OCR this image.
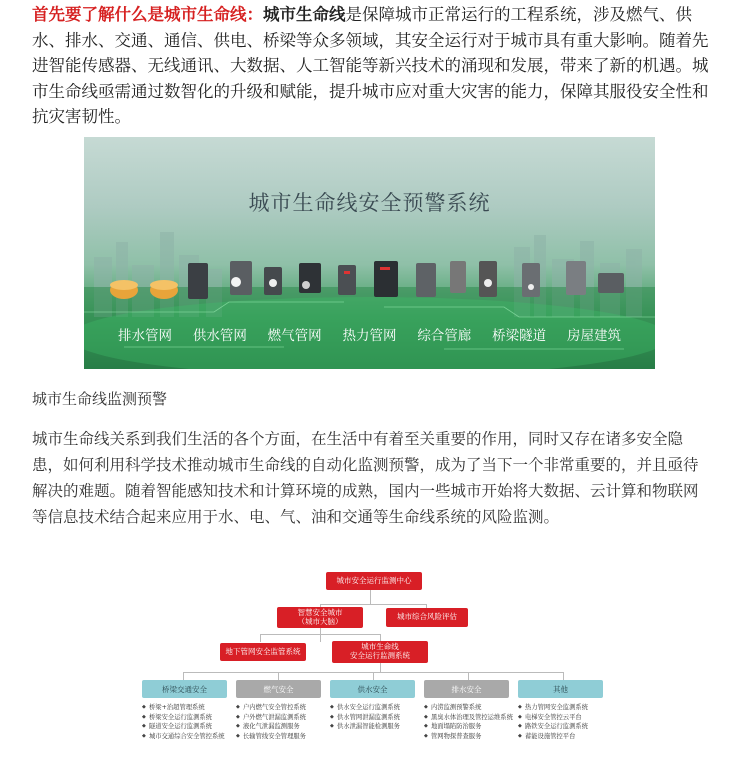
首先要了解什么是城市生命线：城市生命线是保障城市正常运行的工程系统，涉及燃气、供水、排水、交通、通信、供电、桥梁等众多领域，其安全运行对于城市具有重大影响。随着先进智能传感器、无线通讯、大数据、人工智能等新兴技术的涌现和发展，带来了新的机遇。城市生命线亟需通过数智化的升级和赋能，提升城市应对重大灾害的能力，保障其服役安全性和抗灾害韧性。

城市生命线安全预警系统
排水管网 供水管网 燃气管网 热力管网 综合管廊 桥梁隧道 房屋建筑
城市生命线监测预警

城市生命线关系到我们生活的各个方面，在生活中有着至关重要的作用，同时又存在诸多安全隐患，如何利用科学技术推动城市生命线的自动化监测预警，成为了当下一个非常重要的，并且亟待解决的难题。随着智能感知技术和计算环境的成熟，国内一些城市开始将大数据、云计算和物联网等信息技术结合起来应用于水、电、气、油和交通等生命线系统的风险监测。

城市安全运行监测中心
智慧安全城市
（城市大脑）	城市综合风险评估
地下管网安全监管系统	城市生命线
安全运行监测系统
桥梁交通安全	燃气安全	供水安全	排水安全	其他
◆ 桥梁+治超管理系统
◆ 桥梁安全运行监测系统
◆ 隧道安全运行监测系统
◆ 城市交通综合安全管控系统
◆ 户内燃气安全管控系统
◆ 户外燃气泄漏监测系统
◆ 液化气泄漏监测服务
◆ 长输管线安全管理服务
◆ 供水安全运行监测系统
◆ 供水管网泄漏监测系统
◆ 供水泄漏智能检测服务
◆ 内涝监测预警系统
◆ 黑臭水体治理及管控运维系统
◆ 地面塌陷防治服务
◆ 管网物探普查服务
◆ 热力管网安全监测系统
◆ 电梯安全管控云平台
◆ 路铁安全运行监测系统
◆ 蓄能设施管控平台
